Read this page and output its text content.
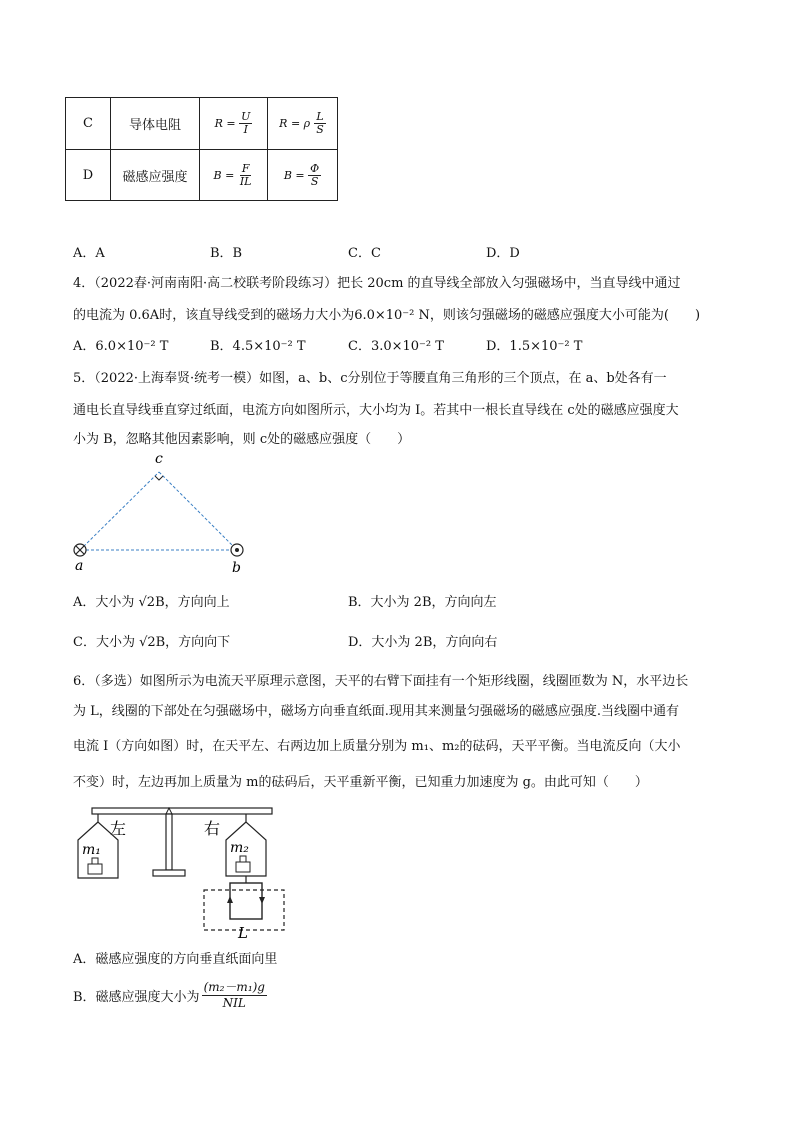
C	导体电阻	$R = \frac{U}{I}$	R = ρ $\frac{L}{S}$

D	磁感应强度	$B = \frac{F}{IL}$	$B = \frac{\Phi}{S}$
A．A	B．B	C．C	D．D
4．（2022春·河南南阳·高二校联考阶段练习）把长 20cm 的直导线全部放入匀强磁场中，当直导线中通过
的电流为 0.6A时，该直导线受到的磁场力大小为6.0×10⁻² N，则该匀强磁场的磁感应强度大小可能为(　　)
A．6.0×10⁻² T	B．4.5×10⁻² T	C．3.0×10⁻² T	D．1.5×10⁻² T
5．（2022·上海奉贤·统考一模）如图，a、b、c分别位于等腰直角三角形的三个顶点，在 a、b处各有一
通电长直导线垂直穿过纸面，电流方向如图所示，大小均为 I。若其中一根长直导线在 c处的磁感应强度大
小为 B，忽略其他因素影响，则 c处的磁感应强度（　　）
c
a	b
A．大小为 √2B，方向向上	B．大小为 2B，方向向左
C．大小为 √2B，方向向下	D．大小为 2B，方向向右
6．（多选）如图所示为电流天平原理示意图，天平的右臂下面挂有一个矩形线圈，线圈匝数为 N，水平边长
为 L，线圈的下部处在匀强磁场中，磁场方向垂直纸面.现用其来测量匀强磁场的磁感应强度.当线圈中通有
电流 I（方向如图）时，在天平左、右两边加上质量分别为 m₁、m₂的砝码，天平平衡。当电流反向（大小
不变）时，左边再加上质量为 m的砝码后，天平重新平衡，已知重力加速度为 g。由此可知（　　）
m₁
左
m₂
右
L
A．磁感应强度的方向垂直纸面向里
B．磁感应强度大小为 $\frac{\text{(m₂－m₁)g}}{\text{NIL}}$
